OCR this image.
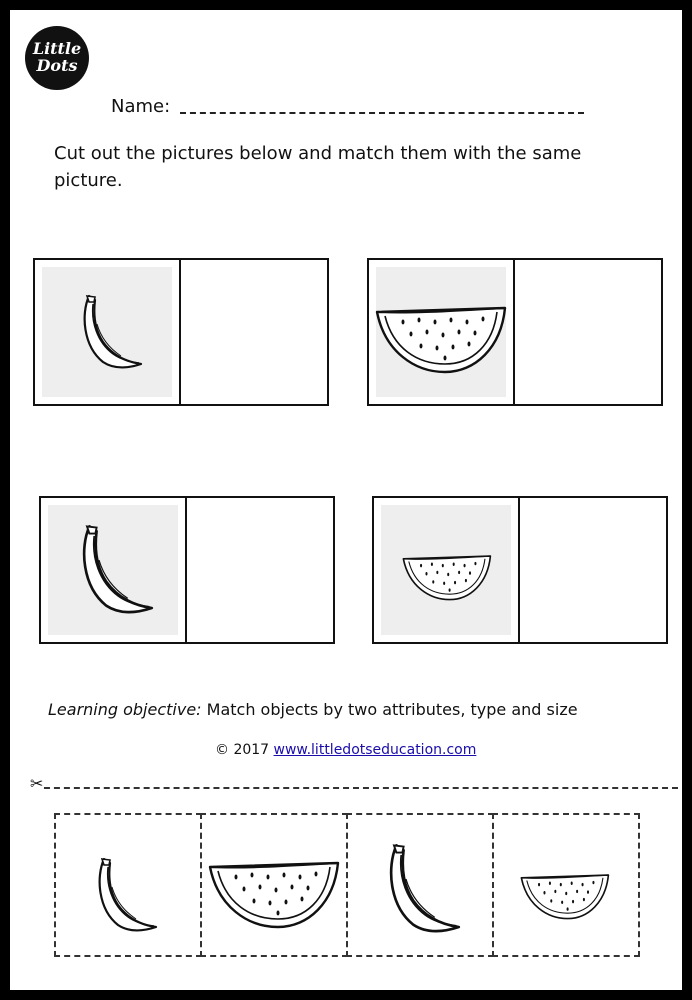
Little
Dots
Name:
Cut out the pictures below and match them with the same picture.
Learning objective: Match objects by two attributes, type and size
© 2017 www.littledotseducation.com
✂
